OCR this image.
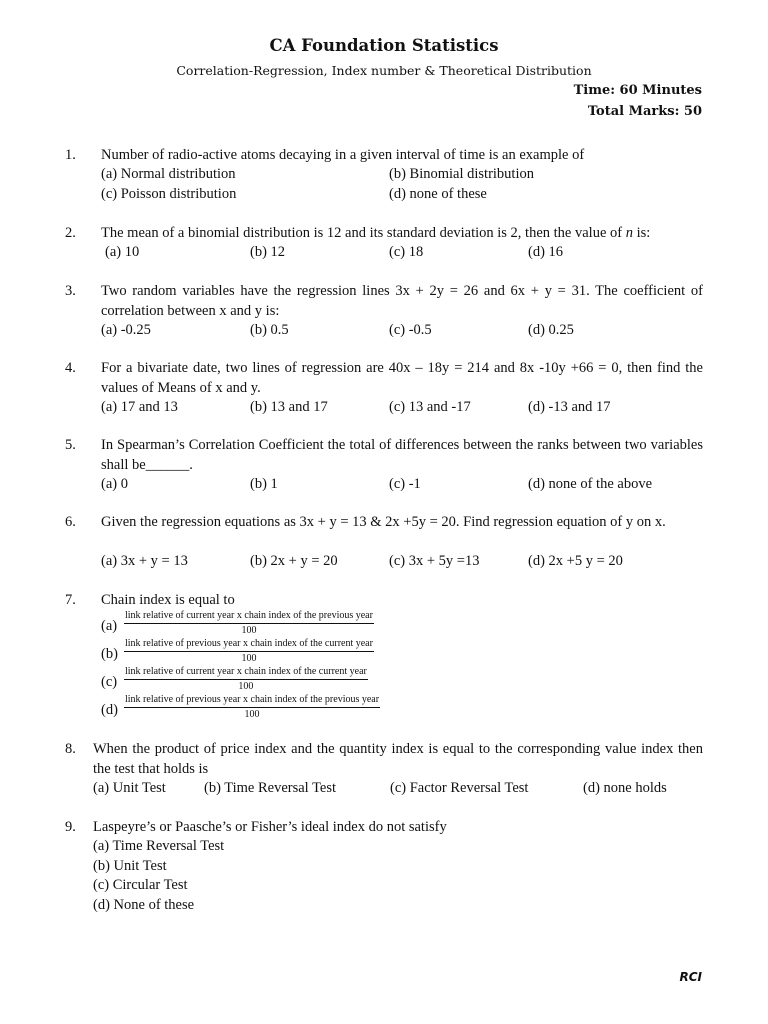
CA Foundation Statistics
Correlation-Regression, Index number & Theoretical Distribution
Time: 60 Minutes
Total Marks: 50
1. Number of radio-active atoms decaying in a given interval of time is an example of
(a) Normal distribution	(b) Binomial distribution
(c) Poisson distribution	(d) none of these
2. The mean of a binomial distribution is 12 and its standard deviation is 2, then the value of n is:
(a) 10	(b) 12	(c) 18	(d) 16
3. Two random variables have the regression lines 3x + 2y = 26 and 6x + y = 31. The coefficient of correlation between x and y is:
(a) -0.25	(b) 0.5	(c) -0.5	(d) 0.25
4. For a bivariate date, two lines of regression are 40x – 18y = 214 and 8x -10y +66 = 0, then find the values of Means of x and y.
(a) 17 and 13	(b) 13 and 17	(c) 13 and -17	(d) -13 and 17
5. In Spearman’s Correlation Coefficient the total of differences between the ranks between two variables shall be______.
(a) 0	(b) 1	(c) -1	(d) none of the above
6. Given the regression equations as 3x + y = 13 & 2x +5y = 20. Find regression equation of y on x.
(a) 3x + y = 13	(b) 2x + y = 20	(c) 3x + 5y =13	(d) 2x +5 y = 20
7. Chain index is equal to
(a)
link relative of current year x chain index of the previous year
100
(b)
link relative of previous year x chain index of the current year
100
(c)
link relative of current year x chain index of the current year
100
(d)
link relative of previous year x chain index of the previous year
100
8. When the product of price index and the quantity index is equal to the corresponding value index then the test that holds is
(a) Unit Test	(b) Time Reversal Test	(c) Factor Reversal Test	(d) none holds
9. Laspeyre’s or Paasche’s or Fisher’s ideal index do not satisfy
(a) Time Reversal Test
(b) Unit Test
(c) Circular Test
(d) None of these
RCI
